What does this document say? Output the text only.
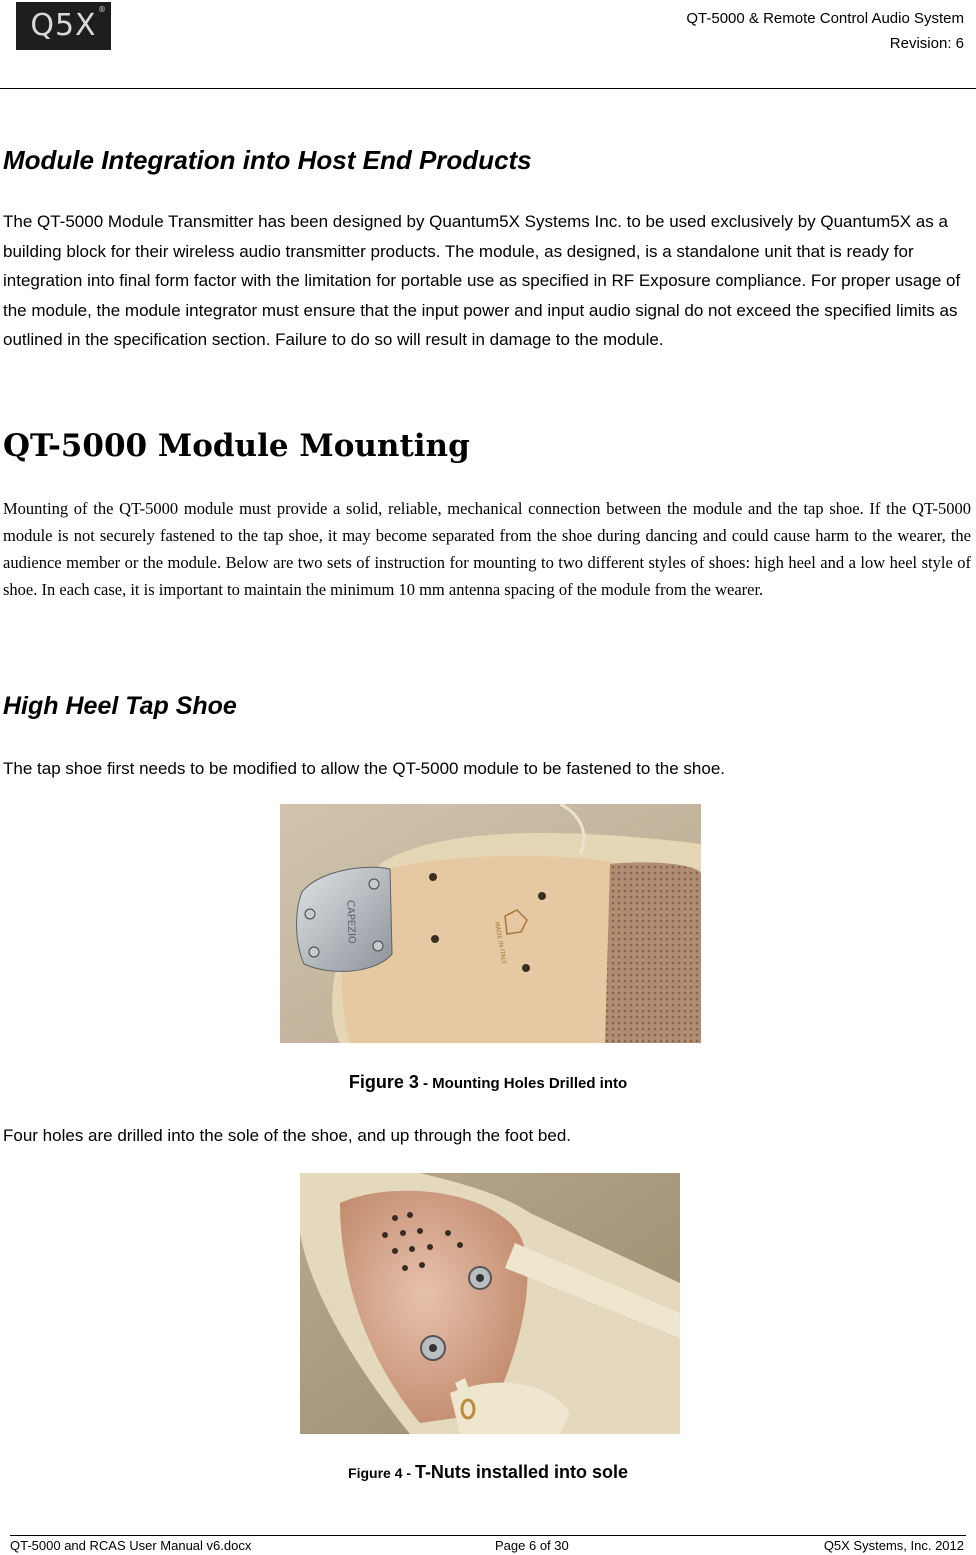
Q5X ®
QT-5000 & Remote Control Audio System
Revision: 6
Module Integration into Host End Products

The QT-5000 Module Transmitter has been designed by Quantum5X Systems Inc. to be used exclusively by Quantum5X as a building block for their wireless audio transmitter products. The module, as designed, is a standalone unit that is ready for integration into final form factor with the limitation for portable use as specified in RF Exposure compliance. For proper usage of the module, the module integrator must ensure that the input power and input audio signal do not exceed the specified limits as outlined in the specification section. Failure to do so will result in damage to the module.

QT-5000 Module Mounting

Mounting of the QT-5000 module must provide a solid, reliable, mechanical connection between the module and the tap shoe. If the QT-5000 module is not securely fastened to the tap shoe, it may become separated from the shoe during dancing and could cause harm to the wearer, the audience member or the module. Below are two sets of instruction for mounting to two different styles of shoes: high heel and a low heel style of shoe. In each case, it is important to maintain the minimum 10 mm antenna spacing of the module from the wearer.

High Heel Tap Shoe

The tap shoe first needs to be modified to allow the QT-5000 module to be fastened to the shoe.

CAPEZIO	MADE IN ITALY

Figure 3 - Mounting Holes Drilled into

Four holes are drilled into the sole of the shoe, and up through the foot bed.

Figure 4 - T-Nuts installed into sole

QT-5000 and RCAS User Manual v6.docx	Page 6 of 30	Q5X Systems, Inc. 2012
